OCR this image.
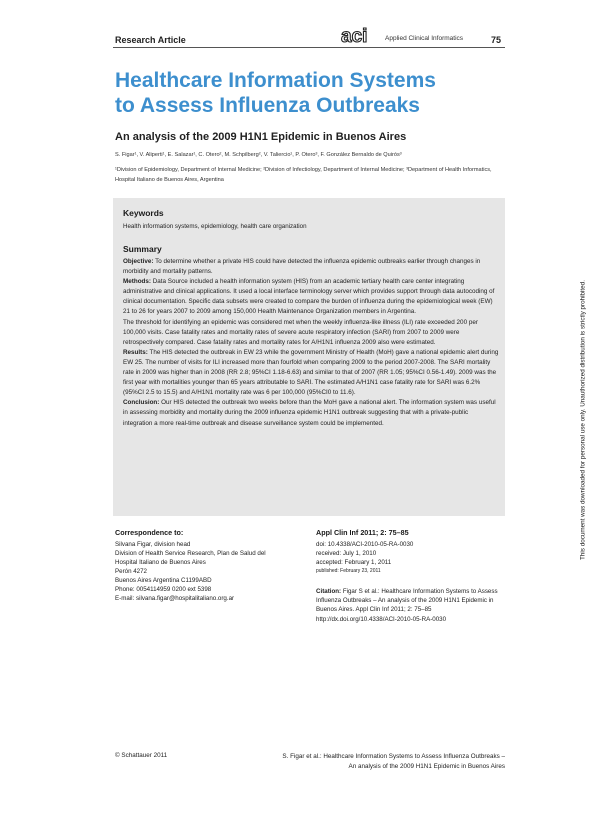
Research Article	aci	Applied Clinical Informatics	75
Healthcare Information Systems
to Assess Influenza Outbreaks
An analysis of the 2009 H1N1 Epidemic in Buenos Aires
S. Figar¹, V. Aliperti¹, E. Salazar¹, C. Otero², M. Schpilberg², V. Taliercio¹, P. Otero³, F. González Bernaldo de Quirós³
¹Division of Epidemiology, Department of Internal Medicine; ²Division of Infectiology, Department of Internal Medicine; ³Department of Health Informatics, Hospital Italiano de Buenos Aires, Argentina
Keywords
Health information systems, epidemiology, health care organization
Summary

Objective: To determine whether a private HIS could have detected the influenza epidemic outbreaks earlier through changes in morbidity and mortality patterns.

Methods: Data Source included a health information system (HIS) from an academic tertiary health care center integrating administrative and clinical applications. It used a local interface terminology server which provides support through data autocoding of clinical documentation. Specific data subsets were created to compare the burden of influenza during the epidemiological week (EW) 21 to 26 for years 2007 to 2009 among 150,000 Health Maintenance Organization members in Argentina.

The threshold for identifying an epidemic was considered met when the weekly influenza-like illness (ILI) rate exceeded 200 per 100,000 visits. Case fatality rates and mortality rates of severe acute respiratory infection (SARI) from 2007 to 2009 were retrospectively compared. Case fatality rates and mortality rates for A/H1N1 influenza 2009 also were estimated.

Results: The HIS detected the outbreak in EW 23 while the government Ministry of Health (MoH) gave a national epidemic alert during EW 25. The number of visits for ILI increased more than fourfold when comparing 2009 to the period 2007-2008. The SARI mortality rate in 2009 was higher than in 2008 (RR 2.8; 95%CI 1.18-6.63) and similar to that of 2007 (RR 1.05; 95%CI 0.56-1.49). 2009 was the first year with mortalities younger than 65 years attributable to SARI. The estimated A/H1N1 case fatality rate for SARI was 6.2% (95%CI 2.5 to 15.5) and A/H1N1 mortality rate was 6 per 100,000 (95%CI0 to 11.6).

Conclusion: Our HIS detected the outbreak two weeks before than the MoH gave a national alert. The information system was useful in assessing morbidity and mortality during the 2009 influenza epidemic H1N1 outbreak suggesting that with a private-public integration a more real-time outbreak and disease surveillance system could be implemented.

Correspondence to:
Silvana Figar, division head
Division of Health Service Research, Plan de Salud del
Hospital Italiano de Buenos Aires
Perón 4272
Buenos Aires Argentina C1199ABD
Phone: 0054114959 0200 ext 5398
E-mail: silvana.figar@hospitalitaliano.org.ar
Appl Clin Inf 2011; 2: 75–85
doi: 10.4338/ACI-2010-05-RA-0030
received: July 1, 2010
accepted: February 1, 2011
published: February 23, 2011
Citation: Figar S et al.: Healthcare Information Systems to Assess Influenza Outbreaks – An analysis of the 2009 H1N1 Epidemic in Buenos Aires. Appl Clin Inf 2011; 2: 75–85
http://dx.doi.org/10.4338/ACI-2010-05-RA-0030
© Schattauer 2011	S. Figar et al.: Healthcare Information Systems to Assess Influenza Outbreaks –
An analysis of the 2009 H1N1 Epidemic in Buenos Aires
This document was downloaded for personal use only. Unauthorized distribution is strictly prohibited.
